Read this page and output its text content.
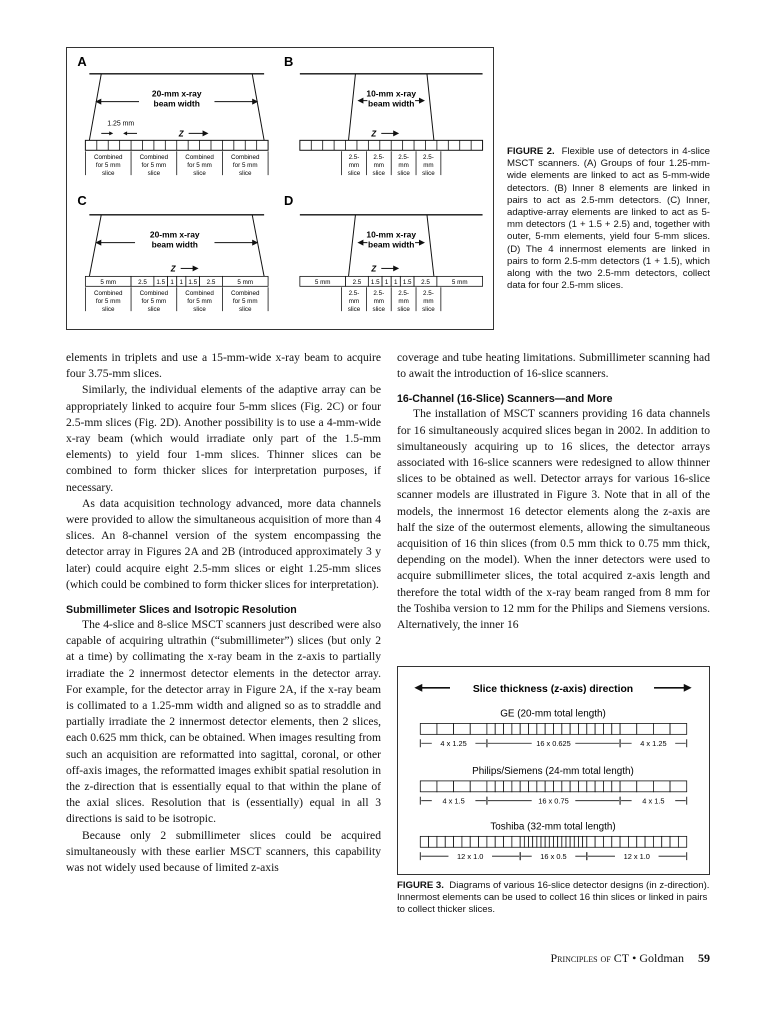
A
20-mm x-ray
beam width
1.25 mm
Z
Combined
for 5 mm
slice
Combined
for 5 mm
slice
Combined
for 5 mm
slice
Combined
for 5 mm
slice
B
10-mm x-ray
beam width
Z
2.5-
mm
slice
2.5-
mm
slice
2.5-
mm
slice
2.5-
mm
slice
C
20-mm x-ray
beam width
Z
5 mm	2.5 1.5 1 1 1.5 2.5	5 mm
Combined
for 5 mm
slice
Combined
for 5 mm
slice
Combined
for 5 mm
slice
Combined
for 5 mm
slice
D
10-mm x-ray
beam width
Z
5 mm	2.5 1.5 1 1 1.5 2.5	5 mm
2.5-
mm
slice
2.5-
mm
slice
2.5-
mm
slice
2.5-
mm
slice
FIGURE 2. Flexible use of detectors in 4-slice MSCT scanners. (A) Groups of four 1.25-mm-wide elements are linked to act as 5-mm-wide detectors. (B) Inner 8 elements are linked in pairs to act as 2.5-mm detectors. (C) Inner, adaptive-array elements are linked to act as 5-mm detectors (1 + 1.5 + 2.5) and, together with outer, 5-mm elements, yield four 5-mm slices. (D) The 4 innermost elements are linked in pairs to form 2.5-mm detectors (1 + 1.5), which along with the two 2.5-mm detectors, collect data for four 2.5-mm slices.

elements in triplets and use a 15-mm-wide x-ray beam to acquire four 3.75-mm slices.

Similarly, the individual elements of the adaptive array can be appropriately linked to acquire four 5-mm slices (Fig. 2C) or four 2.5-mm slices (Fig. 2D). Another possibility is to use a 4-mm-wide x-ray beam (which would irradiate only part of the 1.5-mm elements) to yield four 1-mm slices. Thinner slices can be combined to form thicker slices for interpretation purposes, if necessary.

As data acquisition technology advanced, more data channels were provided to allow the simultaneous acquisition of more than 4 slices. An 8-channel version of the system encompassing the detector array in Figures 2A and 2B (introduced approximately 3 y later) could acquire eight 2.5-mm slices or eight 1.25-mm slices (which could be combined to form thicker slices for interpretation).

Submillimeter Slices and Isotropic Resolution

The 4-slice and 8-slice MSCT scanners just described were also capable of acquiring ultrathin (“submillimeter”) slices (but only 2 at a time) by collimating the x-ray beam in the z-axis to partially irradiate the 2 innermost detector elements in the detector array. For example, for the detector array in Figure 2A, if the x-ray beam is collimated to a 1.25-mm width and aligned so as to straddle and partially irradiate the 2 innermost detector elements, then 2 slices, each 0.625 mm thick, can be obtained. When images resulting from such an acquisition are reformatted into sagittal, coronal, or other off-axis images, the reformatted images exhibit spatial resolution in the z-direction that is essentially equal to that within the plane of the axial slices. Resolution that is (essentially) equal in all 3 directions is said to be isotropic.

Because only 2 submillimeter slices could be acquired simultaneously with these earlier MSCT scanners, this capability was not widely used because of limited z-axis

coverage and tube heating limitations. Submillimeter scanning had to await the introduction of 16-slice scanners.

16-Channel (16-Slice) Scanners—and More

The installation of MSCT scanners providing 16 data channels for 16 simultaneously acquired slices began in 2002. In addition to simultaneously acquiring up to 16 slices, the detector arrays associated with 16-slice scanners were redesigned to allow thinner slices to be obtained as well. Detector arrays for various 16-slice scanner models are illustrated in Figure 3. Note that in all of the models, the innermost 16 detector elements along the z-axis are half the size of the outermost elements, allowing the simultaneous acquisition of 16 thin slices (from 0.5 mm thick to 0.75 mm thick, depending on the model). When the inner detectors were used to acquire submillimeter slices, the total acquired z-axis length and therefore the total width of the x-ray beam ranged from 8 mm for the Toshiba version to 12 mm for the Philips and Siemens versions. Alternatively, the inner 16

Slice thickness (z-axis) direction
GE (20-mm total length)
4 x 1.25	16 x 0.625	4 x 1.25
Philips/Siemens (24-mm total length)
4 x 1.5	16 x 0.75	4 x 1.5
Toshiba (32-mm total length)
12 x 1.0	16 x 0.5	12 x 1.0
FIGURE 3. Diagrams of various 16-slice detector designs (in z-direction). Innermost elements can be used to collect 16 thin slices or linked in pairs to collect thicker slices.
Principles of CT • Goldman 59
